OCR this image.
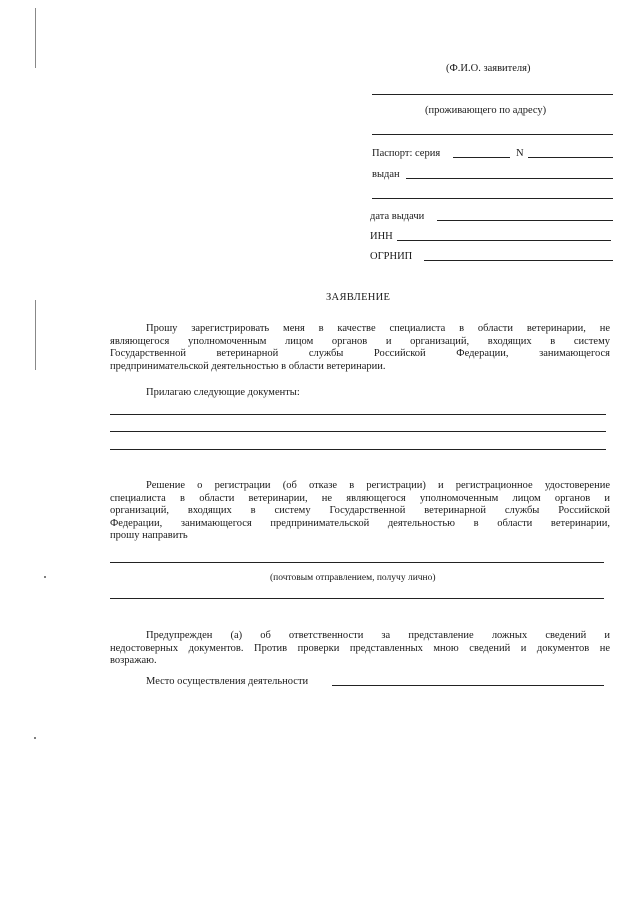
(Ф.И.О. заявителя)
(проживающего по адресу)
Паспорт: серия	N
выдан
дата выдачи
ИНН
ОГРНИП
ЗАЯВЛЕНИЕ
Прошу зарегистрировать меня в качестве специалиста в области ветеринарии, не
являющегося уполномоченным лицом органов и организаций, входящих в систему
Государственной ветеринарной службы Российской Федерации, занимающегося
предпринимательской деятельностью в области ветеринарии.
Прилагаю следующие документы:
Решение о регистрации (об отказе в регистрации) и регистрационное удостоверение
специалиста в области ветеринарии, не являющегося уполномоченным лицом органов и
организаций, входящих в систему Государственной ветеринарной службы Российской
Федерации, занимающегося предпринимательской деятельностью в области ветеринарии,
прошу направить
(почтовым отправлением, получу лично)
Предупрежден (а) об ответственности за представление ложных сведений и
недостоверных документов. Против проверки представленных мною сведений и документов не
возражаю.
Место осуществления деятельности
